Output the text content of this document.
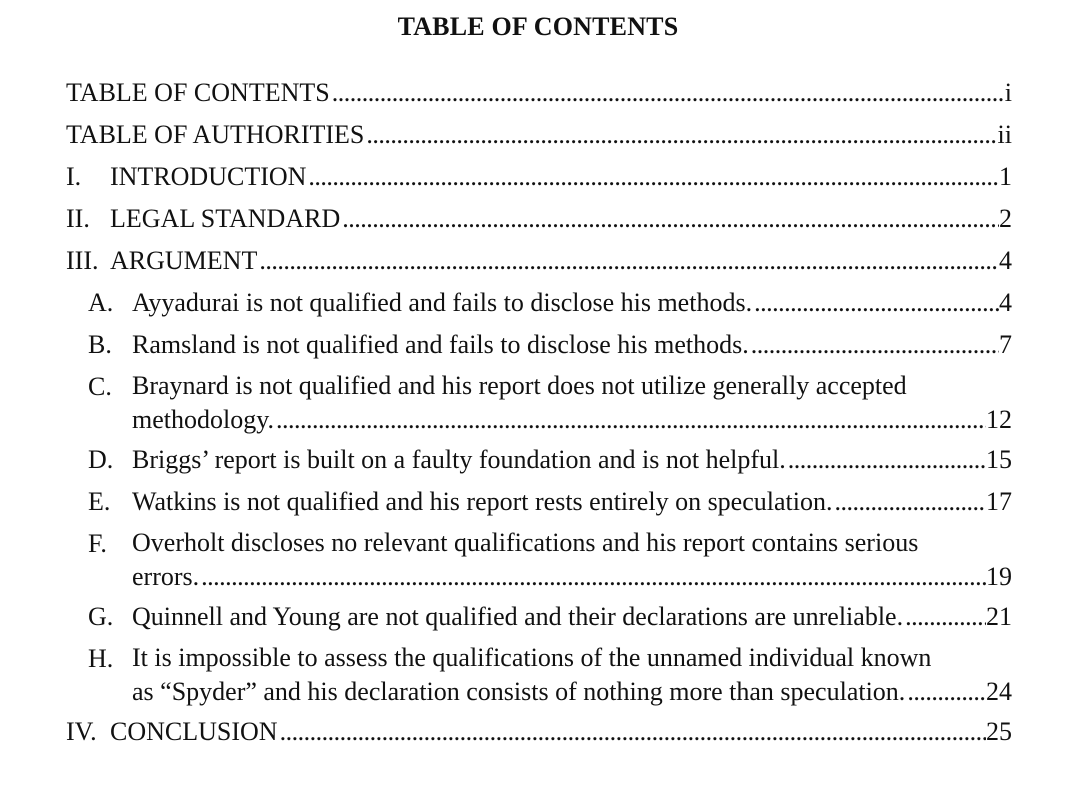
TABLE OF CONTENTS
TABLE OF CONTENTS .....	i
TABLE OF AUTHORITIES .....	ii
I. INTRODUCTION .....	1
II. LEGAL STANDARD .....	2
III. ARGUMENT .....	4
A. Ayyadurai is not qualified and fails to disclose his methods. .....	4
B. Ramsland is not qualified and fails to disclose his methods. .....	7
C. Braynard is not qualified and his report does not utilize generally accepted
methodology. .....	12
D. Briggs’ report is built on a faulty foundation and is not helpful. .....	15
E. Watkins is not qualified and his report rests entirely on speculation. .....	17
F. Overholt discloses no relevant qualifications and his report contains serious
errors. .....	19
G. Quinnell and Young are not qualified and their declarations are unreliable. .....	21
H. It is impossible to assess the qualifications of the unnamed individual known
as “Spyder” and his declaration consists of nothing more than speculation. .....	24
IV. CONCLUSION .....	25
